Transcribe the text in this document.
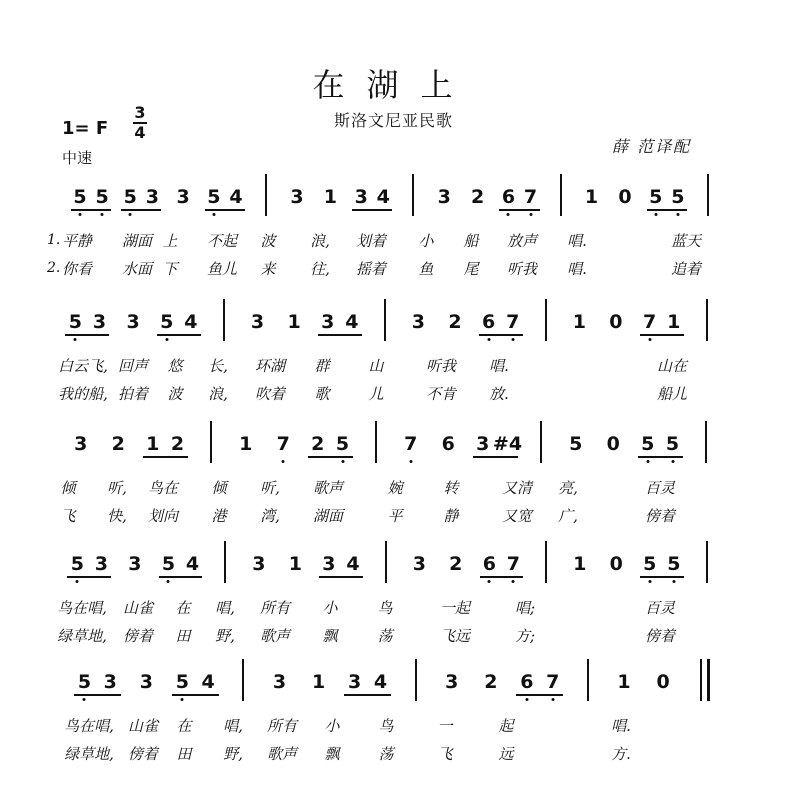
在湖上
斯洛文尼亚民歌
1= F
3
4
中速
薛 范译配
5 5 5 3 3 5 4	3 1 3 4	3 2 6 7	1 0 5 5
1.
2.
平静 湖面 上 不起 波 浪, 划着 小 船 放声 唱.	蓝天
你看 水面 下 鱼儿 来 往, 摇着 鱼 尾 听我 唱.	追着
5 3 3 5 4	3 1 3 4	3 2 6 7	1 0 7 1
白云飞, 回声 悠 长, 环湖 群	山	听我 唱.	山在
我的船, 拍着 波 浪, 吹着 歌	儿	不肯 放.	船儿
3 2 1 2	1 7 2 5	7 6 3 #4 5 0 5 5
倾 听, 鸟在 倾 听, 歌声	婉	转	又清 亮,	百灵
飞 快, 划向 港 湾, 湖面	平	静	又宽 广,	傍着
5 3 3 5 4	3 1 3 4	3 2 6 7	1 0 5 5
鸟在唱, 山雀 在 唱, 所有 小	鸟	一起	唱;	百灵
绿草地, 傍着 田 野, 歌声 飘	荡	飞远	方;	傍着
5 3 3 5 4	3 1 3 4	3 2 6 7	1 0
鸟在唱, 山雀 在 唱, 所有 小	鸟	一	起	唱.
绿草地, 傍着 田 野, 歌声 飘	荡	飞	远	方.
